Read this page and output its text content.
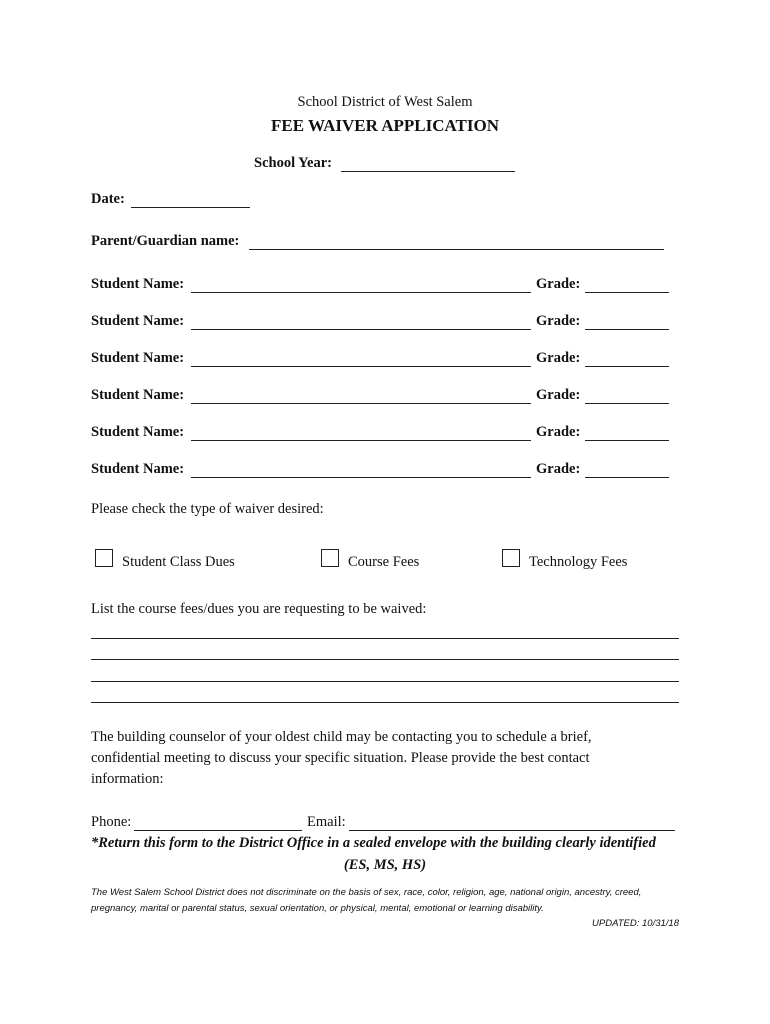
School District of West Salem
FEE WAIVER APPLICATION
School Year:
Date:
Parent/Guardian name:
Student Name:	Grade:
Student Name:	Grade:
Student Name:	Grade:
Student Name:	Grade:
Student Name:	Grade:
Student Name:	Grade:
Please check the type of waiver desired:
Student Class Dues	Course Fees	Technology Fees
List the course fees/dues you are requesting to be waived:
The building counselor of your oldest child may be contacting you to schedule a brief,
confidential meeting to discuss your specific situation. Please provide the best contact
information:
Phone:	Email:
*Return this form to the District Office in a sealed envelope with the building clearly identified
(ES, MS, HS)
The West Salem School District does not discriminate on the basis of sex, race, color, religion, age, national origin, ancestry, creed,
pregnancy, marital or parental status, sexual orientation, or physical, mental, emotional or learning disability.
UPDATED: 10/31/18
